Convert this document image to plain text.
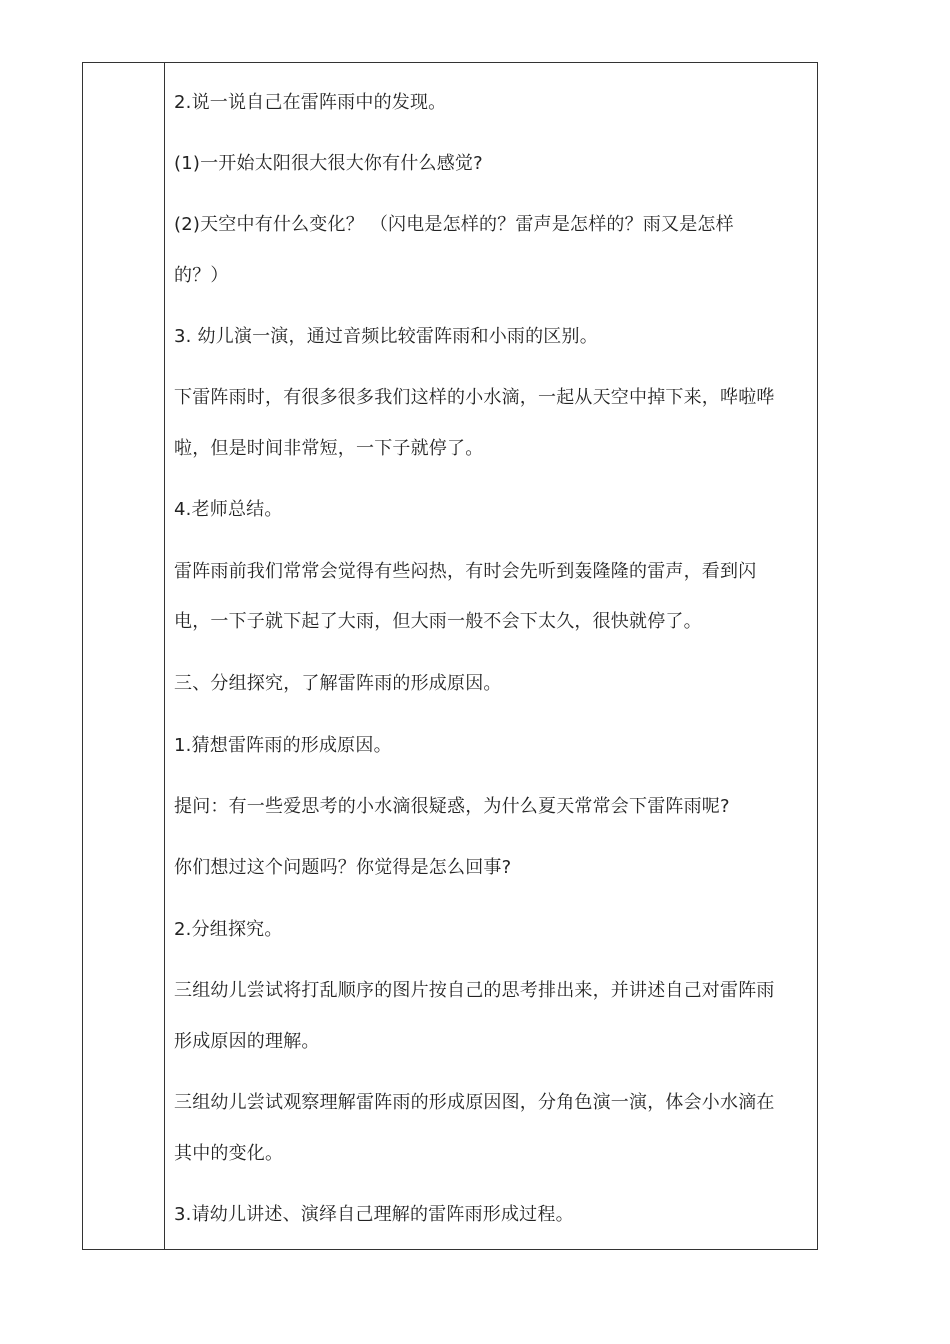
2.说一说自己在雷阵雨中的发现。
(1)一开始太阳很大很大你有什么感觉?
(2)天空中有什么变化？ （闪电是怎样的？雷声是怎样的？雨又是怎样
的？）
3. 幼儿演一演，通过音频比较雷阵雨和小雨的区别。
下雷阵雨时，有很多很多我们这样的小水滴，一起从天空中掉下来，哗啦哗
啦，但是时间非常短，一下子就停了。
4.老师总结。
雷阵雨前我们常常会觉得有些闷热，有时会先听到轰隆隆的雷声，看到闪
电，一下子就下起了大雨，但大雨一般不会下太久，很快就停了。
三、分组探究，了解雷阵雨的形成原因。
1.猜想雷阵雨的形成原因。
提问：有一些爱思考的小水滴很疑惑，为什么夏天常常会下雷阵雨呢?
你们想过这个问题吗？你觉得是怎么回事?
2.分组探究。
三组幼儿尝试将打乱顺序的图片按自己的思考排出来，并讲述自己对雷阵雨
形成原因的理解。
三组幼儿尝试观察理解雷阵雨的形成原因图，分角色演一演，体会小水滴在
其中的变化。
3.请幼儿讲述、演绎自己理解的雷阵雨形成过程。
